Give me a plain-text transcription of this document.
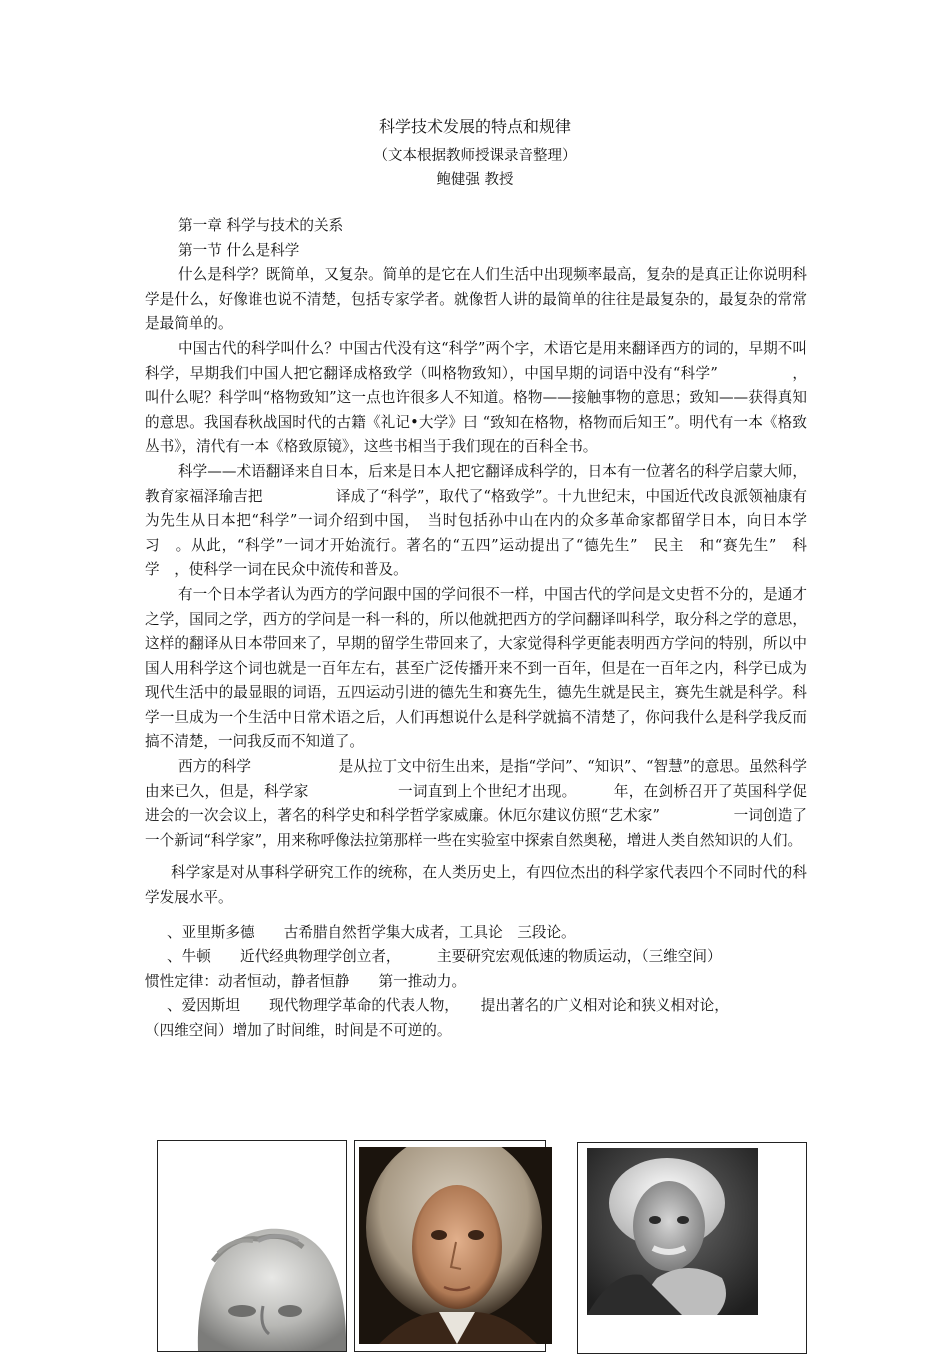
科学技术发展的特点和规律
（文本根据教师授课录音整理）
鲍健强 教授

第一章 科学与技术的关系

第一节 什么是科学

什么是科学？既简单，又复杂。简单的是它在人们生活中出现频率最高，复杂的是真正让你说明科学是什么，好像谁也说不清楚，包括专家学者。就像哲人讲的最简单的往往是最复杂的，最复杂的常常是最简单的。

中国古代的科学叫什么？中国古代没有这“科学”两个字，术语它是用来翻译西方的词的，早期不叫科学，早期我们中国人把它翻译成格致学（叫格物致知），中国早期的词语中没有“科学”　　　　　，叫什么呢？科学叫“格物致知”这一点也许很多人不知道。格物——接触事物的意思；致知——获得真知的意思。我国春秋战国时代的古籍《礼记•大学》曰 “致知在格物，格物而后知王”。明代有一本《格致丛书》，清代有一本《格致原镜》，这些书相当于我们现在的百科全书。

科学——术语翻译来自日本，后来是日本人把它翻译成科学的，日本有一位著名的科学启蒙大师，教育家福泽瑜吉把　　　　　译成了“科学”，取代了“格致学”。十九世纪末，中国近代改良派领袖康有为先生从日本把“科学”一词介绍到中国，　当时包括孙中山在内的众多革命家都留学日本，向日本学习　。从此，“科学”一词才开始流行。著名的“五四”运动提出了“德先生”　民主　和“赛先生”　科学　，使科学一词在民众中流传和普及。

有一个日本学者认为西方的学问跟中国的学问很不一样，中国古代的学问是文史哲不分的，是通才之学，国同之学，西方的学问是一科一科的，所以他就把西方的学问翻译叫科学，取分科之学的意思，这样的翻译从日本带回来了，早期的留学生带回来了，大家觉得科学更能表明西方学问的特别，所以中国人用科学这个词也就是一百年左右，甚至广泛传播开来不到一百年，但是在一百年之内，科学已成为现代生活中的最显眼的词语，五四运动引进的德先生和赛先生，德先生就是民主，赛先生就是科学。科学一旦成为一个生活中日常术语之后，人们再想说什么是科学就搞不清楚了，你问我什么是科学我反而搞不清楚，一问我反而不知道了。

西方的科学　　　　　　是从拉丁文中衍生出来，是指“学问”、“知识”、“智慧”的意思。虽然科学由来已久，但是，科学家　　　　　　一词直到上个世纪才出现。　　　年，在剑桥召开了英国科学促进会的一次会议上，著名的科学史和科学哲学家威廉。休厄尔建议仿照“艺术家”　　　　　一词创造了一个新词“科学家”，用来称呼像法拉第那样一些在实验室中探索自然奥秘，增进人类自然知识的人们。

科学家是对从事科学研究工作的统称，在人类历史上，有四位杰出的科学家代表四个不同时代的科学发展水平。

、亚里斯多德　　古希腊自然哲学集大成者，工具论　三段论。

、牛顿　　近代经典物理学创立者，　　　主要研究宏观低速的物质运动，（三维空间）

惯性定律：动者恒动，静者恒静　　第一推动力。

、爱因斯坦　　现代物理学革命的代表人物，　　提出著名的广义相对论和狭义相对论，

（四维空间）增加了时间维，时间是不可逆的。
